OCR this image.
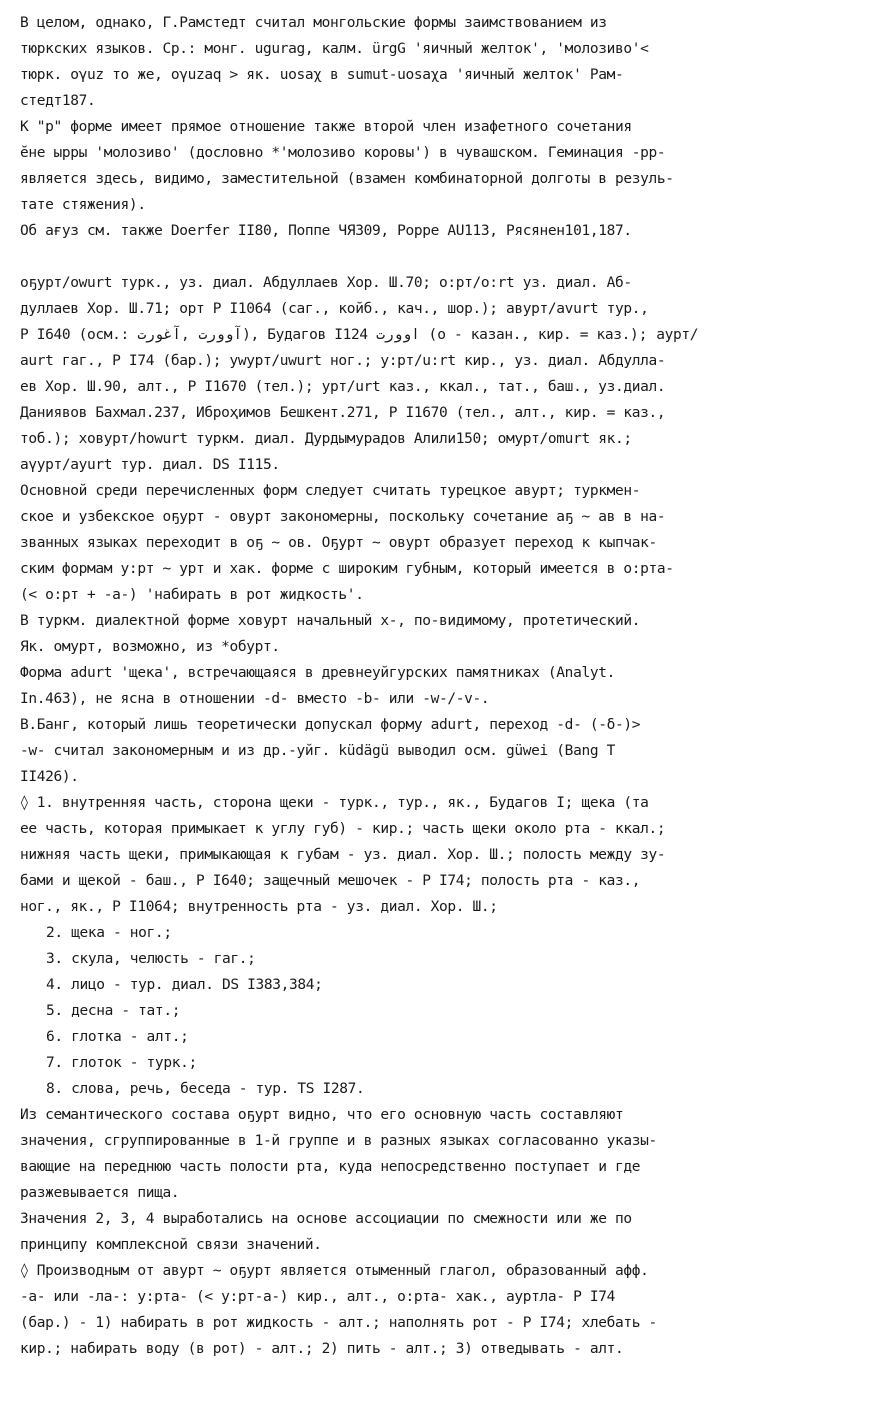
В целом, однако, Г.Рамстедт считал монгольские формы заимствованием из
тюркских языков. Ср.: монг. ugurag, калм. ürgG 'яичный желток', 'молозиво'<
тюрк. oγuz то же, oγuzaq > як. uosaχ в sumut-uosaχa 'яичный желток' Рам-
стедт187.
К "р" форме имеет прямое отношение также второй член изафетного сочетания
ӗне ырры 'молозиво' (дословно *'молозиво коровы') в чувашском. Геминация -рр-
является здесь, видимо, заместительной (взамен комбинаторной долготы в резуль-
тате стяжения).
Об ағуз см. также Doerfer II80, Поппе ЧЯ309, Poppe AU113, Рясянен101,187.
оҕурт/owurt турк., уз. диал. Абдуллаев Хор. Ш.70; о:рт/o:rt уз. диал. Аб-
дуллаев Хор. Ш.71; орт Р I1064 (саг., койб., кач., шор.); авурт/avurt тур.,
Р I640 (осм.: آوورت ,آغورت), Будагов I124 اوورت (о - казан., кир. = каз.); аурт/
aurt гаг., Р I74 (бар.); уԝурт/uwurt ног.; у:рт/u:rt кир., уз. диал. Абдулла-
ев Хор. Ш.90, алт., Р I1670 (тел.); урт/urt каз., ккал., тат., баш., уз.диал.
Даниявов Бахмал.237, Иброҳимов Бешкент.271, Р I1670 (тел., алт., кир. = каз.,
тоб.); ховурт/howurt туркм. диал. Дурдымурадов Алили150; омурт/omurt як.;
аүурт/ayurt тур. диал. DS I115.
Основной среди перечисленных форм следует считать турецкое авурт; туркмен-
ское и узбекское оҕурт - овурт закономерны, поскольку сочетание аҕ ~ ав в на-
званных языках переходит в оҕ ~ ов. Оҕурт ~ овурт образует переход к кыпчак-
ским формам у:рт ~ урт и хак. форме с широким губным, который имеется в о:рта-
(< о:рт + -а-) 'набирать в рот жидкость'.
В туркм. диалектной форме ховурт начальный х-, по-видимому, протетический.
Як. омурт, возможно, из *обурт.
Форма adurt 'щека', встречающаяся в древнеуйгурских памятниках (Analyt.
In.463), не ясна в отношении -d- вместо -b- или -w-/-v-.
В.Банг, который лишь теоретически допускал форму adurt, переход -d- (-δ-)>
-w- считал закономерным и из др.-уйг. küdägü выводил осм. güwei (Bang T
II426).
◊ 1. внутренняя часть, сторона щеки - турк., тур., як., Будагов I; щека (та
ее часть, которая примыкает к углу губ) - кир.; часть щеки около рта - ккал.;
нижняя часть щеки, примыкающая к губам - уз. диал. Хор. Ш.; полость между зу-
бами и щекой - баш., Р I640; защечный мешочек - Р I74; полость рта - каз.,
ног., як., Р I1064; внутренность рта - уз. диал. Хор. Ш.;
2. щека - ног.;
3. скула, челюсть - гаг.;
4. лицо - тур. диал. DS I383,384;
5. десна - тат.;
6. глотка - алт.;
7. глоток - турк.;
8. слова, речь, беседа - тур. TS I287.
Из семантического состава оҕурт видно, что его основную часть составляют
значения, сгруппированные в 1-й группе и в разных языках согласованно указы-
вающие на переднюю часть полости рта, куда непосредственно поступает и где
разжевывается пища.
Значения 2, 3, 4 выработались на основе ассоциации по смежности или же по
принципу комплексной связи значений.
◊ Производным от авурт ~ оҕурт является отыменный глагол, образованный афф.
-а- или -ла-: у:рта- (< у:рт-а-) кир., алт., о:рта- хак., ауртла- Р I74
(бар.) - 1) набирать в рот жидкость - алт.; наполнять рот - Р I74; хлебать -
кир.; набирать воду (в рот) - алт.; 2) пить - алт.; 3) отведывать - алт.
